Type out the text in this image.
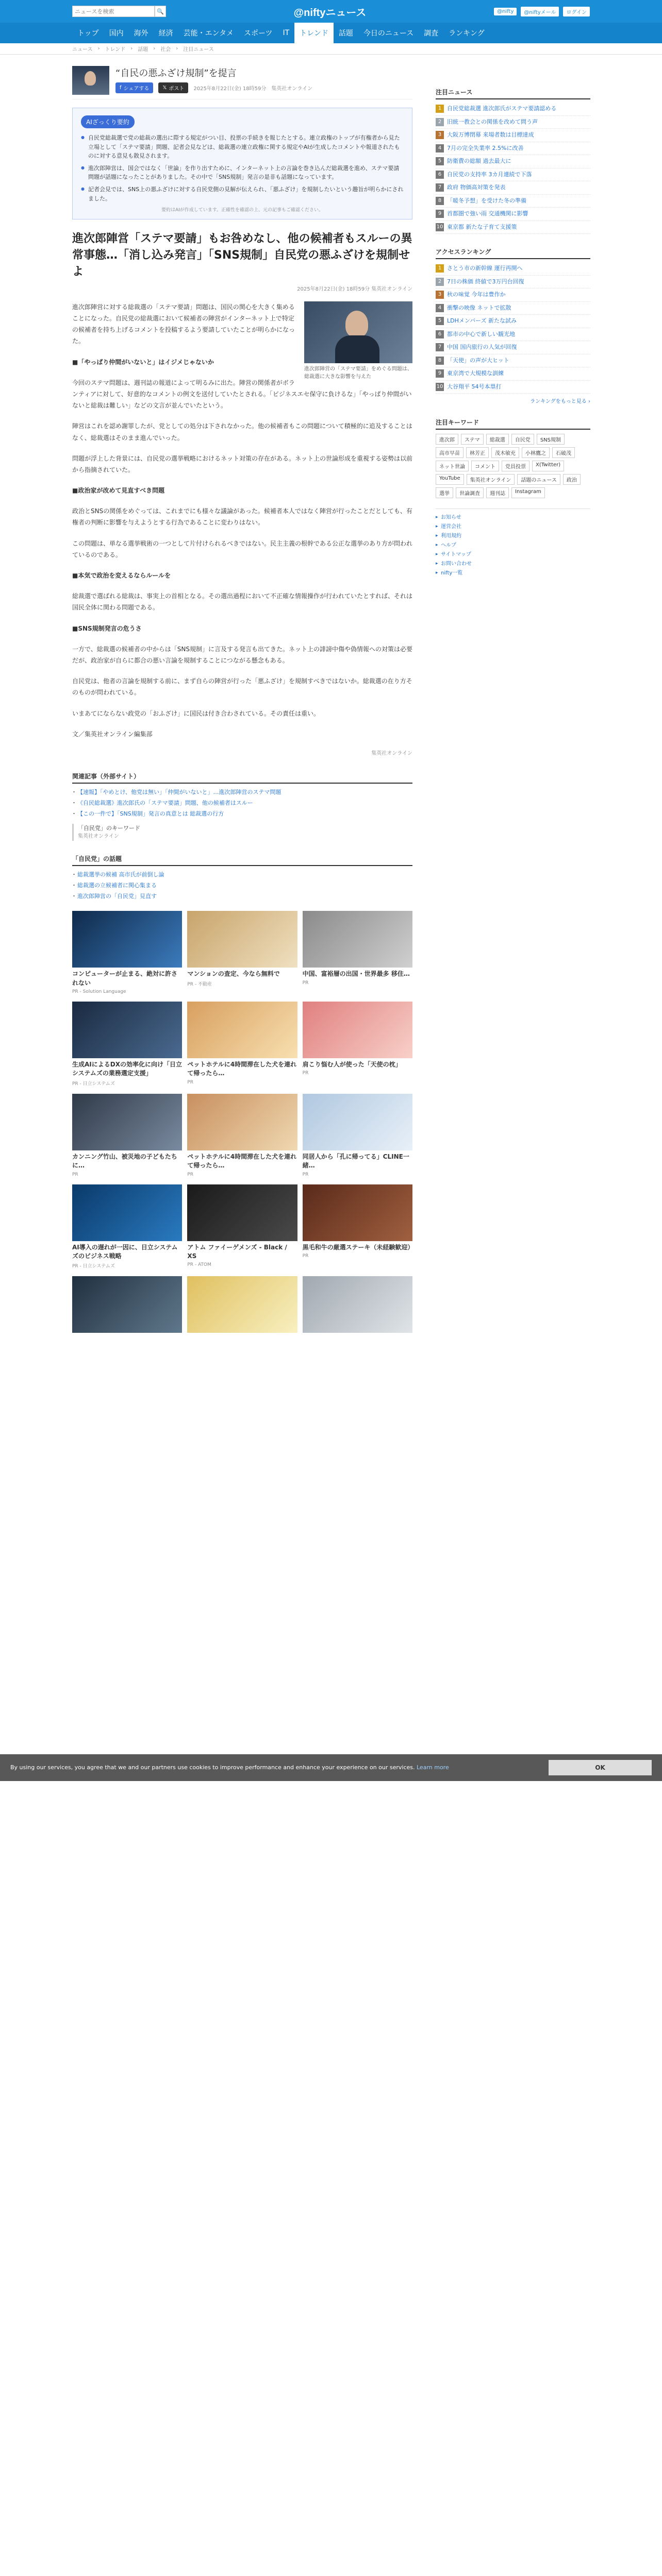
ニュースを検索
🔍	@niftyニュース	@nifty	@niftyメール	ログイン
トップ	国内	海外	経済	芸能・エンタメ	スポーツ	IT	トレンド	話題	今日のニュース	調査	ランキング
ニュース › トレンド › 話題 › 社会 › 注目ニュース
“自民の悪ふざけ規制”を提言
f シェアする	𝕏 ポスト 2025年8月22日(金) 18時59分 集英社オンライン
AIざっくり要約
● 自民党総裁選で党の総裁の選出に際する規定がつい目、投票の手続きを報じたとする。連立政権のトップが有権者から見た立場として「ステマ要請」問題、記者会見などは、総裁選の連立政権に関する規定やAIが生成したコメントや報道されたものに対する意見も散見されます。
● 進次郎陣営は、国会ではなく「世論」を作り出すために、インターネット上の言論を巻き込んだ総裁選を進め、ステマ要請問題が話題になったことがありました。その中で「SNS規制」発言の是非も話題になっています。
● 記者会見では、SNS上の悪ふざけに対する自民党側の見解が伝えられ、「悪ふざけ」を規制したいという趣旨が明らかにされました。
要約はAIが作成しています。正確性を確認の上、元の記事もご確認ください。
進次郎陣営「ステマ要請」もお咎めなし、他の候補者もスルーの異常事態…「消し込み発言」「SNS規制」自民党の悪ふざけを規制せよ
2025年8月22日(金) 18時59分 集英社オンライン
進次郎陣営の「ステマ要請」をめぐる問題は、総裁選に大きな影響を与えた

進次郎陣営に対する総裁選の「ステマ要請」問題は、国民の関心を大きく集めることになった。自民党の総裁選において候補者の陣営がインターネット上で特定の候補者を持ち上げるコメントを投稿するよう要請していたことが明らかになった。

■「やっぱり仲間がいないと」はイジメじゃないか

今回のステマ問題は、週刊誌の報道によって明るみに出た。陣営の関係者がボランティアに対して、好意的なコメントの例文を送付していたとされる。「ビジネスエセ保守に負けるな」「やっぱり仲間がいないと総裁は難しい」などの文言が並んでいたという。

陣営はこれを認め謝罪したが、党としての処分は下されなかった。他の候補者もこの問題について積極的に追及することはなく、総裁選はそのまま進んでいった。

問題が浮上した背景には、自民党の選挙戦略におけるネット対策の存在がある。ネット上の世論形成を重視する姿勢は以前から指摘されていた。

■政治家が改めて見直すべき問題

政治とSNSの関係をめぐっては、これまでにも様々な議論があった。候補者本人ではなく陣営が行ったことだとしても、有権者の判断に影響を与えようとする行為であることに変わりはない。

この問題は、単なる選挙戦術の一つとして片付けられるべきではない。民主主義の根幹である公正な選挙のあり方が問われているのである。

■本気で政治を変えるならルールを

総裁選で選ばれる総裁は、事実上の首相となる。その選出過程において不正確な情報操作が行われていたとすれば、それは国民全体に関わる問題である。

■SNS規制発言の危うさ

一方で、総裁選の候補者の中からは「SNS規制」に言及する発言も出てきた。ネット上の誹謗中傷や偽情報への対策は必要だが、政治家が自らに都合の悪い言論を規制することにつながる懸念もある。

自民党は、他者の言論を規制する前に、まず自らの陣営が行った「悪ふざけ」を規制すべきではないか。総裁選の在り方そのものが問われている。

いまあてにならない政党の「おふざけ」に国民は付き合わされている。その責任は重い。

文／集英社オンライン編集部

集英社オンライン
関連記事（外部サイト）
・ 【速報】「やめとけ、他党は無い」「仲間がいないと」…進次郎陣営のステマ問題
・ 《自民総裁選》進次郎氏の「ステマ要請」問題、他の候補者はスルー
・ 【この一件で】「SNS規制」発言の真意とは 総裁選の行方
「自民党」のキーワード
集英社オンライン
「自民党」の話題
・ 総裁選挙の候補 高市氏が前倒し論
・ 総裁選の立候補者に関心集まる
・ 進次郎陣営の「自民党」見直す
コンピューターが止まる、絶対に許されない
PR - Solution Language
マンションの査定、今なら無料で
PR - 不動産
中国、富裕層の出国・世界最多 移住…
PR
生成AIによるDXの効率化に向け「日立システムズの業務選定支援」
PR - 日立システムズ
ペットホテルに4時間滞在した犬を連れて帰ったら…
PR
肩こり悩む人が使った「天使の枕」
PR
カンニング竹山、被災地の子どもたちに…
PR
ペットホテルに4時間滞在した犬を連れて帰ったら…
PR
同居人から「孔に帰ってる」CLINE一緒…
PR
AI導入の遅れが一因に、日立システムズのビジネス戦略
PR - 日立システムズ
アトム ファイーゲメンズ - Black / XS
PR - ATOM
黒毛和牛の厳選ステーキ（未経験歓迎）
PR
注目ニュース
1 自民党総裁選 進次郎氏がステマ要請認める
2 旧統一教会との関係を改めて問う声
3 大阪万博閉幕 来場者数は目標達成
4 7月の完全失業率 2.5%に改善
5 防衛費の総額 過去最大に
6 自民党の支持率 3カ月連続で下落
7 政府 物価高対策を発表
8 「暖冬予想」を受けた冬の準備
9 首都圏で強い雨 交通機関に影響
10 東京都 新たな子育て支援策
アクセスランキング
1 さとう市の新幹線 運行再開へ
2 7日の株価 終値で3万円台回復
3 秋の味覚 今年は豊作か
4 衝撃の映像 ネットで拡散
5 LDHメンバーズ 新たな試み
6 都市の中心で新しい観光地
7 中国 国内旅行の人気が回復
8 「天使」の声が大ヒット
9 東京湾で大規模な訓練
10 大谷翔平 54号本塁打
ランキングをもっと見る ›
注目キーワード
進次郎	ステマ	総裁選	自民党	SNS規制
高市早苗	林芳正	茂木敏充	小林鷹之	石破茂
ネット世論	コメント	党員投票	X(Twitter)
YouTube	集英社オンライン	話題のニュース	政治
選挙	世論調査	週刊誌	Instagram
▸ お知らせ
▸ 運営会社
▸ 利用規約
▸ ヘルプ
▸ サイトマップ
▸ お問い合わせ
▸ nifty一覧
By using our services, you agree that we and our partners use cookies to improve performance and enhance your experience on our services. Learn more	OK
